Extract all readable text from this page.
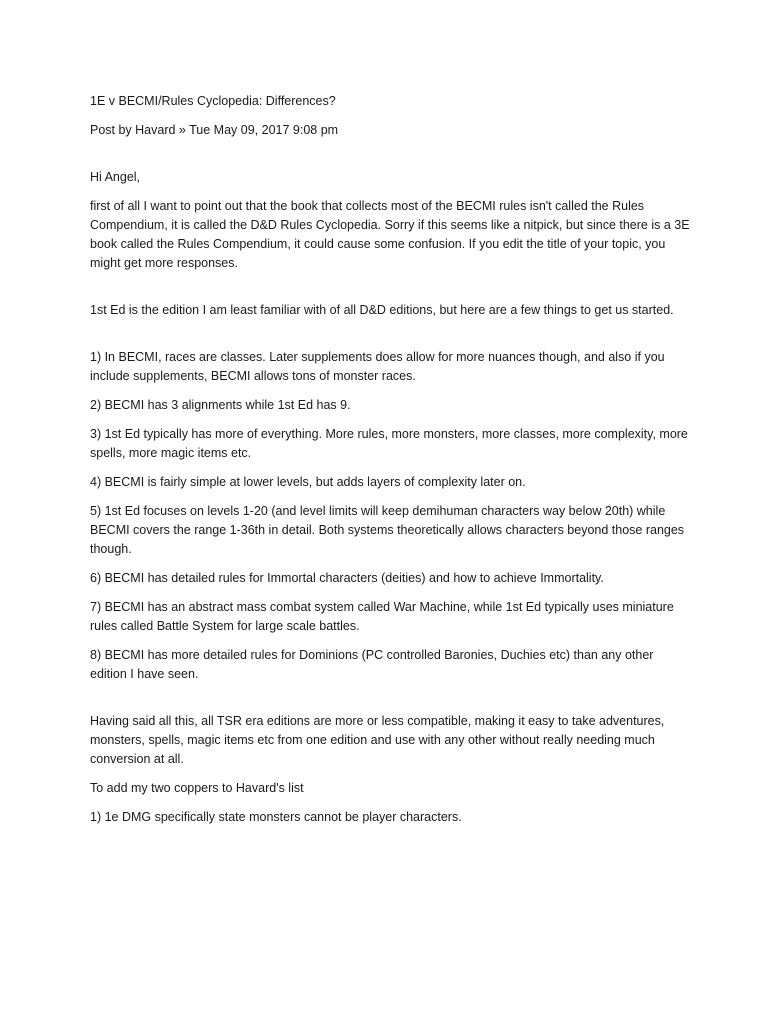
1E v BECMI/Rules Cyclopedia: Differences?

Post by Havard » Tue May 09, 2017 9:08 pm

Hi Angel,

first of all I want to point out that the book that collects most of the BECMI rules isn't called the Rules Compendium, it is called the D&D Rules Cyclopedia. Sorry if this seems like a nitpick, but since there is a 3E book called the Rules Compendium, it could cause some confusion. If you edit the title of your topic, you might get more responses.

1st Ed is the edition I am least familiar with of all D&D editions, but here are a few things to get us started.

1) In BECMI, races are classes. Later supplements does allow for more nuances though, and also if you include supplements, BECMI allows tons of monster races.

2) BECMI has 3 alignments while 1st Ed has 9.

3) 1st Ed typically has more of everything. More rules, more monsters, more classes, more complexity, more spells, more magic items etc.

4) BECMI is fairly simple at lower levels, but adds layers of complexity later on.

5) 1st Ed focuses on levels 1-20 (and level limits will keep demihuman characters way below 20th) while BECMI covers the range 1-36th in detail. Both systems theoretically allows characters beyond those ranges though.

6) BECMI has detailed rules for Immortal characters (deities) and how to achieve Immortality.

7) BECMI has an abstract mass combat system called War Machine, while 1st Ed typically uses miniature rules called Battle System for large scale battles.

8) BECMI has more detailed rules for Dominions (PC controlled Baronies, Duchies etc) than any other edition I have seen.

Having said all this, all TSR era editions are more or less compatible, making it easy to take adventures, monsters, spells, magic items etc from one edition and use with any other without really needing much conversion at all.

To add my two coppers to Havard's list

1) 1e DMG specifically state monsters cannot be player characters.
